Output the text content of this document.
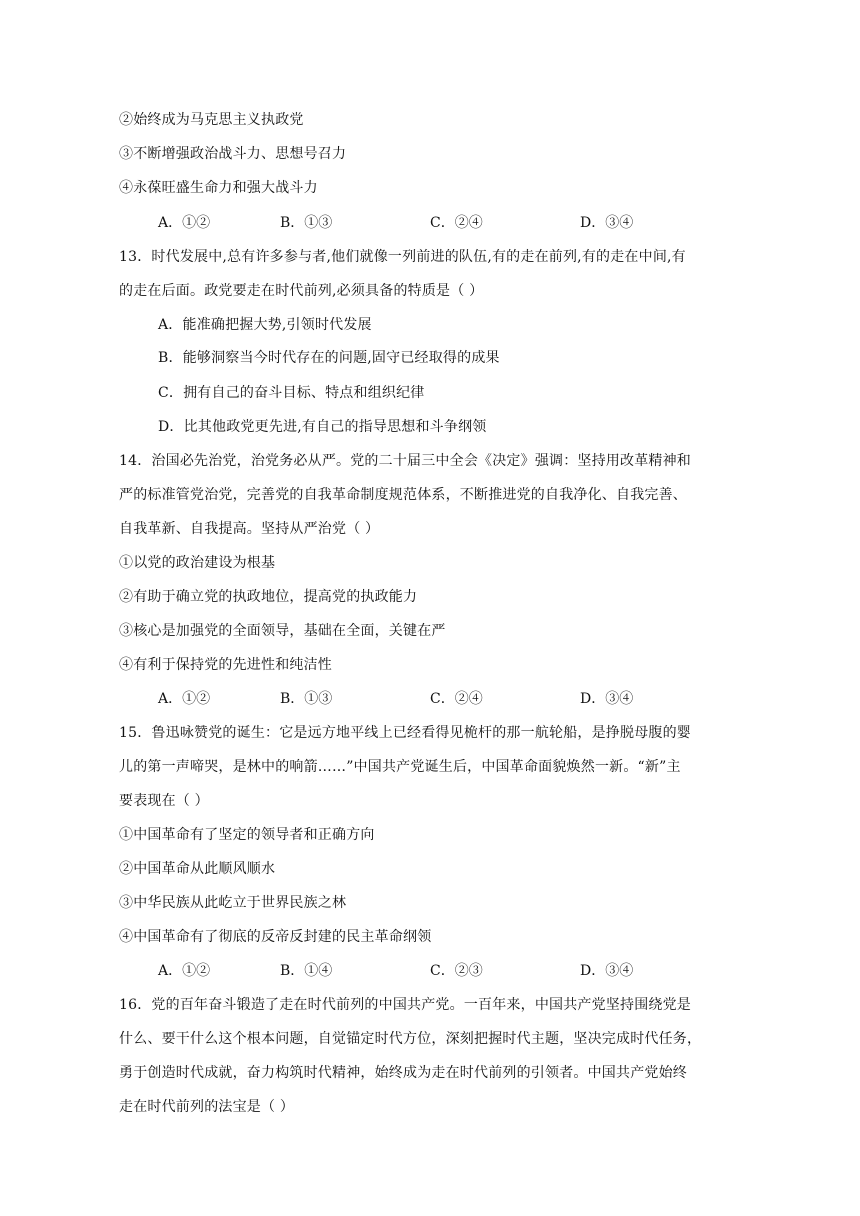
②始终成为马克思主义执政党
③不断增强政治战斗力、思想号召力
④永葆旺盛生命力和强大战斗力
A．①②	B．①③	C．②④	D．③④
13．时代发展中,总有许多参与者,他们就像一列前进的队伍,有的走在前列,有的走在中间,有
的走在后面。政党要走在时代前列,必须具备的特质是（ ）
A．能准确把握大势,引领时代发展
B．能够洞察当今时代存在的问题,固守已经取得的成果
C．拥有自己的奋斗目标、特点和组织纪律
D．比其他政党更先进,有自己的指导思想和斗争纲领
14．治国必先治党，治党务必从严。党的二十届三中全会《决定》强调：坚持用改革精神和
严的标准管党治党，完善党的自我革命制度规范体系，不断推进党的自我净化、自我完善、
自我革新、自我提高。坚持从严治党（ ）
①以党的政治建设为根基
②有助于确立党的执政地位，提高党的执政能力
③核心是加强党的全面领导，基础在全面，关键在严
④有利于保持党的先进性和纯洁性
A．①②	B．①③	C．②④	D．③④
15．鲁迅咏赞党的诞生：它是远方地平线上已经看得见桅杆的那一航轮船，是挣脱母腹的婴
儿的第一声啼哭，是林中的响箭……”中国共产党诞生后，中国革命面貌焕然一新。“新”主
要表现在（ ）
①中国革命有了坚定的领导者和正确方向
②中国革命从此顺风顺水
③中华民族从此屹立于世界民族之林
④中国革命有了彻底的反帝反封建的民主革命纲领
A．①②	B．①④	C．②③	D．③④
16．党的百年奋斗锻造了走在时代前列的中国共产党。一百年来，中国共产党坚持围绕党是
什么、要干什么这个根本问题，自觉锚定时代方位，深刻把握时代主题，坚决完成时代任务，
勇于创造时代成就，奋力构筑时代精神，始终成为走在时代前列的引领者。中国共产党始终
走在时代前列的法宝是（ ）
